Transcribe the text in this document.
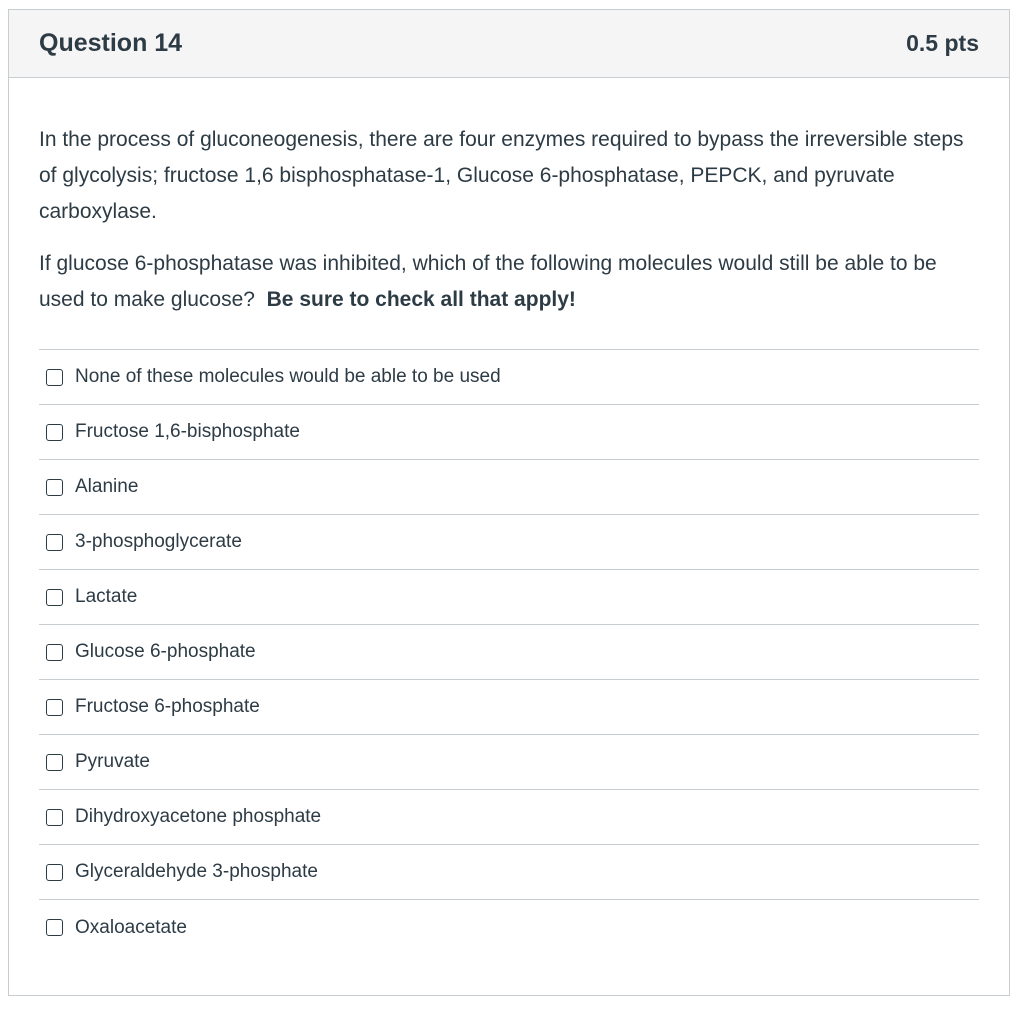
Question 14	0.5 pts

In the process of gluconeogenesis, there are four enzymes required to bypass the irreversible steps of glycolysis; fructose 1,6 bisphosphatase-1, Glucose 6-phosphatase, PEPCK, and pyruvate carboxylase.

If glucose 6-phosphatase was inhibited, which of the following molecules would still be able to be used to make glucose? Be sure to check all that apply!

None of these molecules would be able to be used
Fructose 1,6-bisphosphate
Alanine
3-phosphoglycerate
Lactate
Glucose 6-phosphate
Fructose 6-phosphate
Pyruvate
Dihydroxyacetone phosphate
Glyceraldehyde 3-phosphate
Oxaloacetate
